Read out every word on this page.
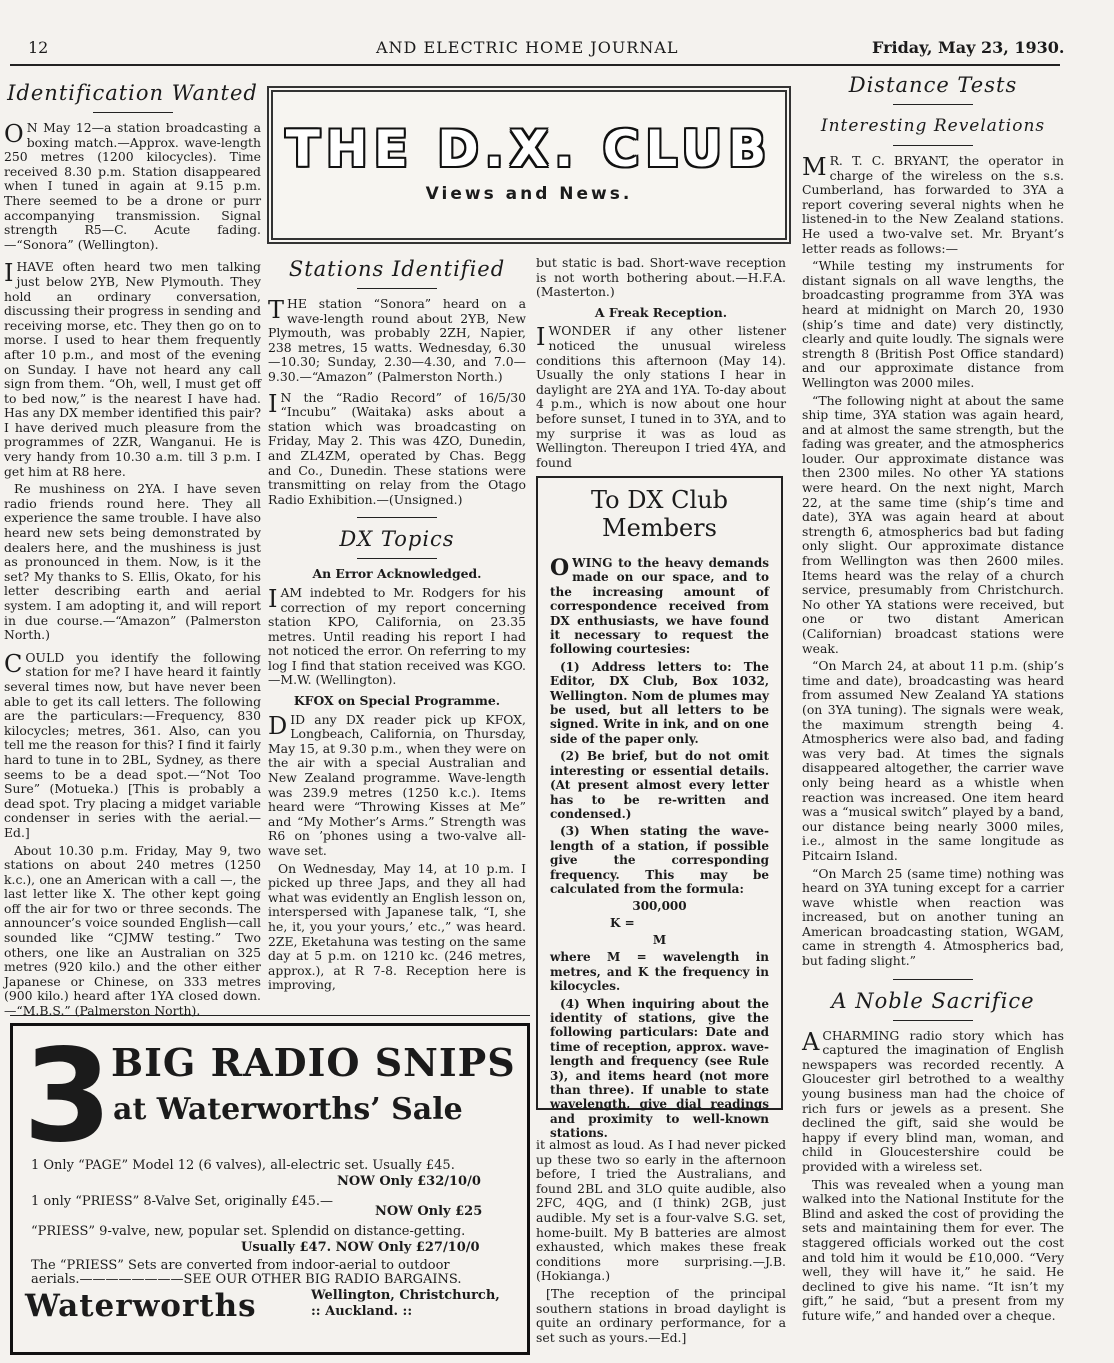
12	AND ELECTRIC HOME JOURNAL	Friday, May 23, 1930.
Identification Wanted

ON May 12—a station broadcasting a boxing match.—Approx. wave-length 250 metres (1200 kilocycles). Time received 8.30 p.m. Station disappeared when I tuned in again at 9.15 p.m. There seemed to be a drone or purr accompanying transmission. Signal strength R5—C. Acute fading.—“Sonora” (Wellington).

IHAVE often heard two men talking just below 2YB, New Plymouth. They hold an ordinary conversation, discussing their progress in sending and receiving morse, etc. They then go on to morse. I used to hear them frequently after 10 p.m., and most of the evening on Sunday. I have not heard any call sign from them. “Oh, well, I must get off to bed now,” is the nearest I have had. Has any DX member identified this pair? I have derived much pleasure from the programmes of 2ZR, Wanganui. He is very handy from 10.30 a.m. till 3 p.m. I get him at R8 here.

Re mushiness on 2YA. I have seven radio friends round here. They all experience the same trouble. I have also heard new sets being demonstrated by dealers here, and the mushiness is just as pronounced in them. Now, is it the set? My thanks to S. Ellis, Okato, for his letter describing earth and aerial system. I am adopting it, and will report in due course.—“Amazon” (Palmerston North.)

COULD you identify the following station for me? I have heard it faintly several times now, but have never been able to get its call letters. The following are the particulars:—Frequency, 830 kilocycles; metres, 361. Also, can you tell me the reason for this? I find it fairly hard to tune in to 2BL, Sydney, as there seems to be a dead spot.—“Not Too Sure” (Motueka.) [This is probably a dead spot. Try placing a midget variable condenser in series with the aerial.—Ed.]

About 10.30 p.m. Friday, May 9, two stations on about 240 metres (1250 k.c.), one an American with a call —, the last letter like X. The other kept going off the air for two or three seconds. The announcer’s voice sounded English—call sounded like “CJMW testing.” Two others, one like an Australian on 325 metres (920 kilo.) and the other either Japanese or Chinese, on 333 metres (900 kilo.) heard after 1YA closed down.—“M.B.S.” (Palmerston North).

THE D.X. CLUB
Views and News.
Stations Identified

THE station “Sonora” heard on a wave-length round about 2YB, New Plymouth, was probably 2ZH, Napier, 238 metres, 15 watts. Wednesday, 6.30—10.30; Sunday, 2.30—4.30, and 7.0—9.30.—“Amazon” (Palmerston North.)

IN the “Radio Record” of 16/5/30 “Incubu” (Waitaka) asks about a station which was broadcasting on Friday, May 2. This was 4ZO, Dunedin, and ZL4ZM, operated by Chas. Begg and Co., Dunedin. These stations were transmitting on relay from the Otago Radio Exhibition.—(Unsigned.)

DX Topics
An Error Acknowledged.

IAM indebted to Mr. Rodgers for his correction of my report concerning station KPO, California, on 23.35 metres. Until reading his report I had not noticed the error. On referring to my log I find that station received was KGO.—M.W. (Wellington).

KFOX on Special Programme.

DID any DX reader pick up KFOX, Longbeach, California, on Thursday, May 15, at 9.30 p.m., when they were on the air with a special Australian and New Zealand programme. Wave-length was 239.9 metres (1250 k.c.). Items heard were “Throwing Kisses at Me” and “My Mother’s Arms.” Strength was R6 on ’phones using a two-valve all-wave set.

On Wednesday, May 14, at 10 p.m. I picked up three Japs, and they all had what was evidently an English lesson on, interspersed with Japanese talk, “I, she he, it, you your yours,’ etc.,” was heard. 2ZE, Eketahuna was testing on the same day at 5 p.m. on 1210 kc. (246 metres, approx.), at R 7-8. Reception here is improving,

but static is bad. Short-wave reception is not worth bothering about.—H.F.A. (Masterton.)

A Freak Reception.

IWONDER if any other listener noticed the unusual wireless conditions this afternoon (May 14). Usually the only stations I hear in daylight are 2YA and 1YA. To-day about 4 p.m., which is now about one hour before sunset, I tuned in to 3YA, and to my surprise it was as loud as Wellington. Thereupon I tried 4YA, and found

To DX Club
Members

OWING to the heavy demands made on our space, and to the increasing amount of correspondence received from DX enthusiasts, we have found it necessary to request the following courtesies:

(1) Address letters to: The Editor, DX Club, Box 1032, Wellington. Nom de plumes may be used, but all letters to be signed. Write in ink, and on one side of the paper only.

(2) Be brief, but do not omit interesting or essential details. (At present almost every letter has to be re-written and condensed.)

(3) When stating the wave-length of a station, if possible give the corresponding frequency. This may be calculated from the formula:

300,000
K =
M

where M = wavelength in metres, and K the frequency in kilocycles.

(4) When inquiring about the identity of stations, give the following particulars: Date and time of reception, approx. wave-length and frequency (see Rule 3), and items heard (not more than three). If unable to state wavelength, give dial readings and proximity to well-known stations.

it almost as loud. As I had never picked up these two so early in the afternoon before, I tried the Australians, and found 2BL and 3LO quite audible, also 2FC, 4QG, and (I think) 2GB, just audible. My set is a four-valve S.G. set, home-built. My B batteries are almost exhausted, which makes these freak conditions more surprising.—J.B. (Hokianga.)

[The reception of the principal southern stations in broad daylight is quite an ordinary performance, for a set such as yours.—Ed.]

Distance Tests
Interesting Revelations

MR. T. C. BRYANT, the operator in charge of the wireless on the s.s. Cumberland, has forwarded to 3YA a report covering several nights when he listened-in to the New Zealand stations. He used a two-valve set. Mr. Bryant’s letter reads as follows:—

“While testing my instruments for distant signals on all wave lengths, the broadcasting programme from 3YA was heard at midnight on March 20, 1930 (ship’s time and date) very distinctly, clearly and quite loudly. The signals were strength 8 (British Post Office standard) and our approximate distance from Wellington was 2000 miles.

“The following night at about the same ship time, 3YA station was again heard, and at almost the same strength, but the fading was greater, and the atmospherics louder. Our approximate distance was then 2300 miles. No other YA stations were heard. On the next night, March 22, at the same time (ship’s time and date), 3YA was again heard at about strength 6, atmospherics bad but fading only slight. Our approximate distance from Wellington was then 2600 miles. Items heard was the relay of a church service, presumably from Christchurch. No other YA stations were received, but one or two distant American (Californian) broadcast stations were weak.

“On March 24, at about 11 p.m. (ship’s time and date), broadcasting was heard from assumed New Zealand YA stations (on 3YA tuning). The signals were weak, the maximum strength being 4. Atmospherics were also bad, and fading was very bad. At times the signals disappeared altogether, the carrier wave only being heard as a whistle when reaction was increased. One item heard was a “musical switch” played by a band, our distance being nearly 3000 miles, i.e., almost in the same longitude as Pitcairn Island.

“On March 25 (same time) nothing was heard on 3YA tuning except for a carrier wave whistle when reaction was increased, but on another tuning an American broadcasting station, WGAM, came in strength 4. Atmospherics bad, but fading slight.”

A Noble Sacrifice

ACHARMING radio story which has captured the imagination of English newspapers was recorded recently. A Gloucester girl betrothed to a wealthy young business man had the choice of rich furs or jewels as a present. She declined the gift, said she would be happy if every blind man, woman, and child in Gloucestershire could be provided with a wireless set.

This was revealed when a young man walked into the National Institute for the Blind and asked the cost of providing the sets and maintaining them for ever. The staggered officials worked out the cost and told him it would be £10,000. “Very well, they will have it,” he said. He declined to give his name. “It isn’t my gift,” he said, “but a present from my future wife,” and handed over a cheque.

3
BIG RADIO SNIPS
at Waterworths’ Sale
1 Only “PAGE” Model 12 (6 valves), all-electric set. Usually £45.
NOW Only £32/10/0
1 only “PRIESS” 8-Valve Set, originally £45.—
NOW Only £25
“PRIESS” 9-valve, new, popular set. Splendid on distance-getting.
Usually £47. NOW Only £27/10/0
The “PRIESS” Sets are converted from indoor-aerial to outdoor
aerials.————————SEE OUR OTHER BIG RADIO BARGAINS.
Waterworths	Wellington, Christchurch,
:: Auckland. ::
